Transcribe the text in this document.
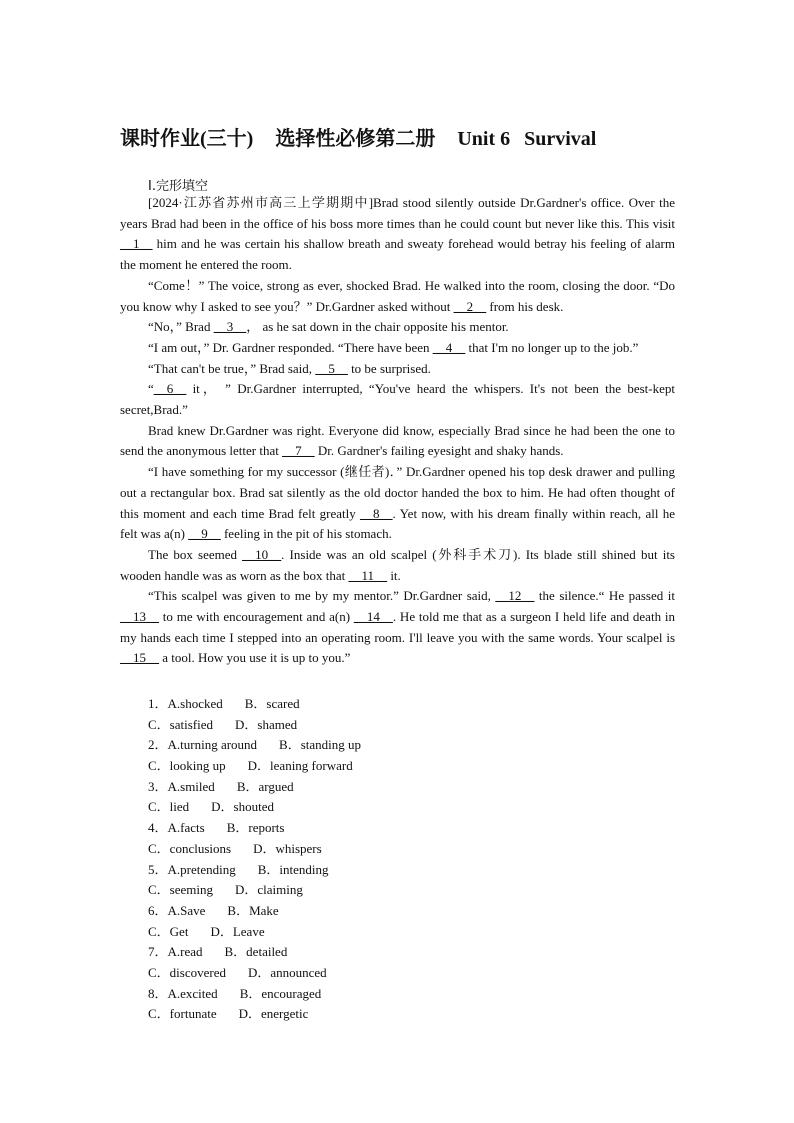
课时作业(三十) 选择性必修第二册 Unit 6 Survival
Ⅰ.完形填空

[2024·江苏省苏州市高三上学期期中]Brad stood silently outside Dr.Gardner's office. Over the years Brad had been in the office of his boss more times than he could count but never like this. This visit __1__ him and he was certain his shallow breath and sweaty forehead would betray his feeling of alarm the moment he entered the room.

“Come！” The voice, strong as ever, shocked Brad. He walked into the room, closing the door. “Do you know why I asked to see you？” Dr.Gardner asked without __2__ from his desk.

“No，” Brad __3__， as he sat down in the chair opposite his mentor.

“I am out，” Dr. Gardner responded. “There have been __4__ that I'm no longer up to the job.”

“That can't be true，” Brad said, __5__ to be surprised.

“__6__ it， ” Dr.Gardner interrupted, “You've heard the whispers. It's not been the best-kept secret,Brad.”

Brad knew Dr.Gardner was right. Everyone did know, especially Brad since he had been the one to send the anonymous letter that __7__ Dr. Gardner's failing eyesight and shaky hands.

“I have something for my successor (继任者)．” Dr.Gardner opened his top desk drawer and pulling out a rectangular box. Brad sat silently as the old doctor handed the box to him. He had often thought of this moment and each time Brad felt greatly __8__. Yet now, with his dream finally within reach, all he felt was a(n) __9__ feeling in the pit of his stomach.

The box seemed __10__. Inside was an old scalpel (外科手术刀). Its blade still shined but its wooden handle was as worn as the box that __11__ it.

“This scalpel was given to me by my mentor.” Dr.Gardner said, __12__ the silence.“ He passed it __13__ to me with encouragement and a(n) __14__. He told me that as a surgeon I held life and death in my hands each time I stepped into an operating room. I'll leave you with the same words. Your scalpel is __15__ a tool. How you use it is up to you.”

1．A.shocked B．scared
C．satisfied D．shamed
2．A.turning around B．standing up
C．looking up D．leaning forward
3．A.smiled B．argued
C．lied D．shouted
4．A.facts B．reports
C．conclusions D．whispers
5．A.pretending B．intending
C．seeming D．claiming
6．A.Save B．Make
C．Get D．Leave
7．A.read B．detailed
C．discovered D．announced
8．A.excited B．encouraged
C．fortunate D．energetic
